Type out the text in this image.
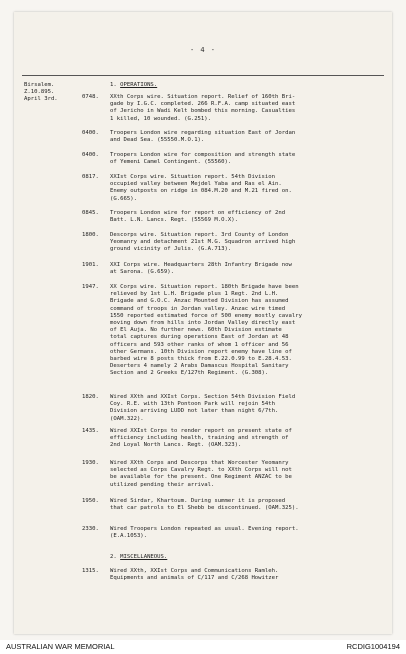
- 4 -
Birsalem.
Z.10.895.
April 3rd.
1. OPERATIONS.
0748. XXth Corps wire. Situation report. Relief of 160th Bri-
gade by I.G.C. completed. 266 R.F.A. camp situated east
of Jericho in Wadi Kelt bombed this morning. Casualties
1 killed, 10 wounded. (G.251).
0400. Troopers London wire regarding situation East of Jordan
and Dead Sea. (55550.M.O.1).
0400. Troopers London wire for composition and strength state
of Yemeni Camel Contingent. (55560).
0817. XXIst Corps wire. Situation report. 54th Division
occupied valley between Mejdel Yaba and Ras el Ain.
Enemy outposts on ridge in 084.M.20 and M.21 fired on.
(G.665).
0845. Troopers London wire for report on efficiency of 2nd
Batt. L.N. Lancs. Regt. (55569 M.O.X).
1800. Descorps wire. Situation report. 3rd County of London
Yeomanry and detachment 21st M.G. Squadron arrived high
ground vicinity of Julis. (G.A.713).
1901. XXI Corps wire. Headquarters 28th Infantry Brigade now
at Sarona. (G.659).
1947. XX Corps wire. Situation report. 180th Brigade have been
relieved by 1st L.H. Brigade plus 1 Regt. 2nd L.H.
Brigade and G.O.C. Anzac Mounted Division has assumed
command of troops in Jordan valley. Anzac wire timed
1550 reported estimated force of 500 enemy mostly cavalry
moving down from hills into Jordan Valley directly east
of El Auja. No further news. 60th Division estimate
total captures during operations East of Jordan at 48
officers and 593 other ranks of whom 1 officer and 56
other Germans. 10th Division report enemy have line of
barbed wire 8 posts thick from E.22.0.99 to E.28.4.53.
Deserters 4 namely 2 Arabs Damascus Hospital Sanitary
Section and 2 Greeks E/127th Regiment. (G.308).
1820. Wired XXth and XXIst Corps. Section 54th Division Field
Coy. R.E. with 13th Pontoon Park will rejoin 54th
Division arriving LUDD not later than night 6/7th.
(OAM.322).
1435. Wired XXIst Corps to render report on present state of
efficiency including health, training and strength of
2nd Loyal North Lancs. Regt. (OAM.323).
1930. Wired XXth Corps and Descorps that Worcester Yeomanry
selected as Corps Cavalry Regt. to XXth Corps will not
be available for the present. One Regiment ANZAC to be
utilized pending their arrival.
1950. Wired Sirdar, Khartoum. During summer it is proposed
that car patrols to El Shebb be discontinued. (OAM.325).
2330. Wired Troopers London repeated as usual. Evening report.
(E.A.1053).
2. MISCELLANEOUS.
1315. Wired XXth, XXIst Corps and Communications Ramleh.
Equipments and animals of C/117 and C/268 Howitzer
AUSTRALIAN WAR MEMORIAL	RCDIG1004194
